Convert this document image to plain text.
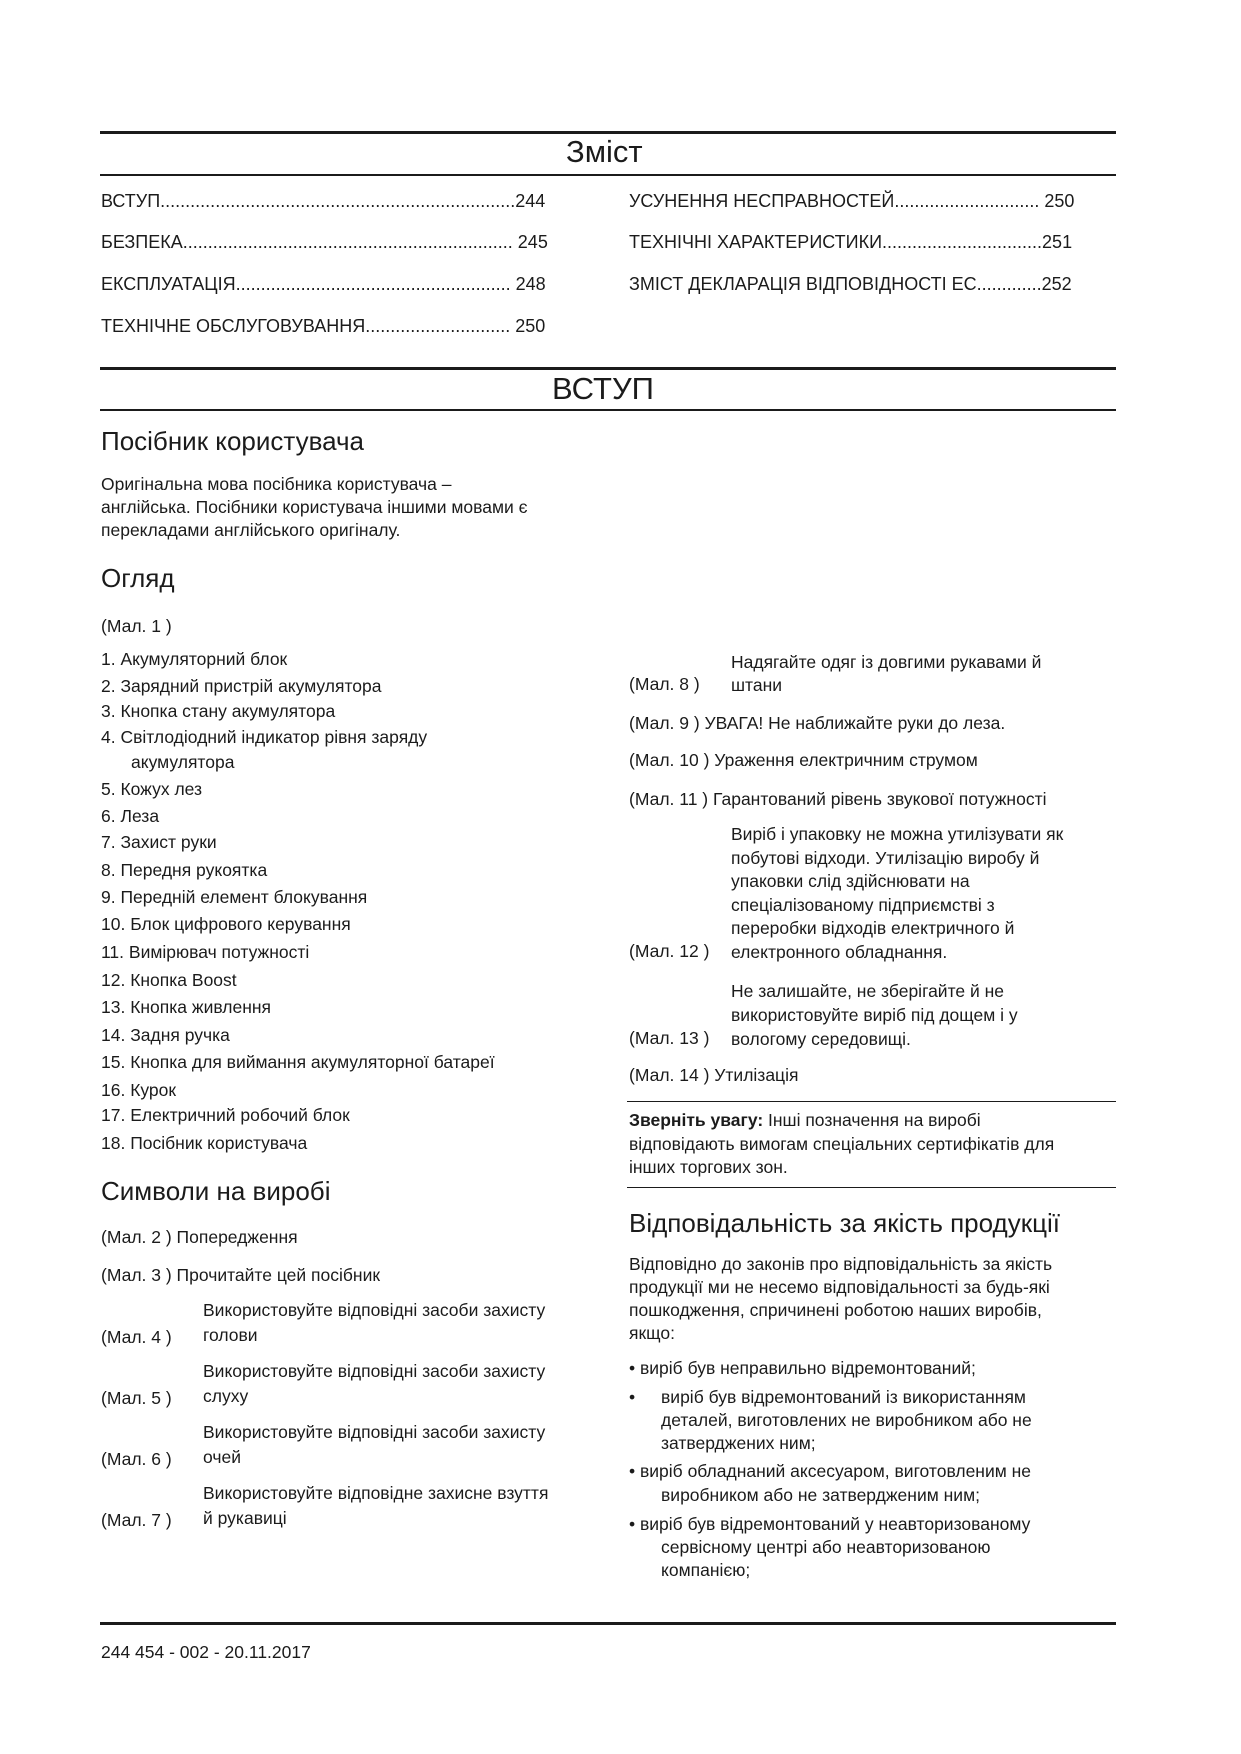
Зміст
ВСТУП.......................................................................244
БЕЗПЕКА.................................................................. 245
ЕКСПЛУАТАЦІЯ....................................................... 248
ТЕХНІЧНЕ ОБСЛУГОВУВАННЯ............................. 250
УСУНЕННЯ НЕСПРАВНОСТЕЙ............................. 250
ТЕХНІЧНІ ХАРАКТЕРИСТИКИ................................251
ЗМІСТ ДЕКЛАРАЦІЯ ВІДПОВІДНОСТІ ЕС.............252
ВСТУП
Посібник користувача
Оригінальна мова посібника користувача –
англійська. Посібники користувача іншими мовами є
перекладами англійського оригіналу.
Огляд
(Мал. 1 )
1. Акумуляторний блок
2. Зарядний пристрій акумулятора
3. Кнопка стану акумулятора
4. Світлодіодний індикатор рівня заряду
акумулятора
5. Кожух лез
6. Леза
7. Захист руки
8. Передня рукоятка
9. Передній елемент блокування
10. Блок цифрового керування
11. Вимірювач потужності
12. Кнопка Boost
13. Кнопка живлення
14. Задня ручка
15. Кнопка для виймання акумуляторної батареї
16. Курок
17. Електричний робочий блок
18. Посібник користувача
Символи на виробі
(Мал. 2 ) Попередження
(Мал. 3 ) Прочитайте цей посібник
(Мал. 4 )
Використовуйте відповідні засоби захисту
голови
(Мал. 5 )
Використовуйте відповідні засоби захисту
слуху
(Мал. 6 )
Використовуйте відповідні засоби захисту
очей
(Мал. 7 )
Використовуйте відповідне захисне взуття
й рукавиці
(Мал. 8 )
Надягайте одяг із довгими рукавами й
штани
(Мал. 9 ) УВАГА! Не наближайте руки до леза.
(Мал. 10 ) Ураження електричним струмом
(Мал. 11 ) Гарантований рівень звукової потужності
(Мал. 12 )
Виріб і упаковку не можна утилізувати як
побутові відходи. Утилізацію виробу й
упаковки слід здійснювати на
спеціалізованому підприємстві з
переробки відходів електричного й
електронного обладнання.
(Мал. 13 )
Не залишайте, не зберігайте й не
використовуйте виріб під дощем і у
вологому середовищі.
(Мал. 14 ) Утилізація
Зверніть увагу: Інші позначення на виробі
відповідають вимогам спеціальних сертифікатів для
інших торгових зон.
Відповідальність за якість продукції
Відповідно до законів про відповідальність за якість
продукції ми не несемо відповідальності за будь-які
пошкодження, спричинені роботою наших виробів,
якщо:
• виріб був неправильно відремонтований;
• виріб був відремонтований із використанням
деталей, виготовлених не виробником або не
затверджених ним;
• виріб обладнаний аксесуаром, виготовленим не
виробником або не затвердженим ним;
• виріб був відремонтований у неавторизованому
сервісному центрі або неавторизованою
компанією;
244 454 - 002 - 20.11.2017
